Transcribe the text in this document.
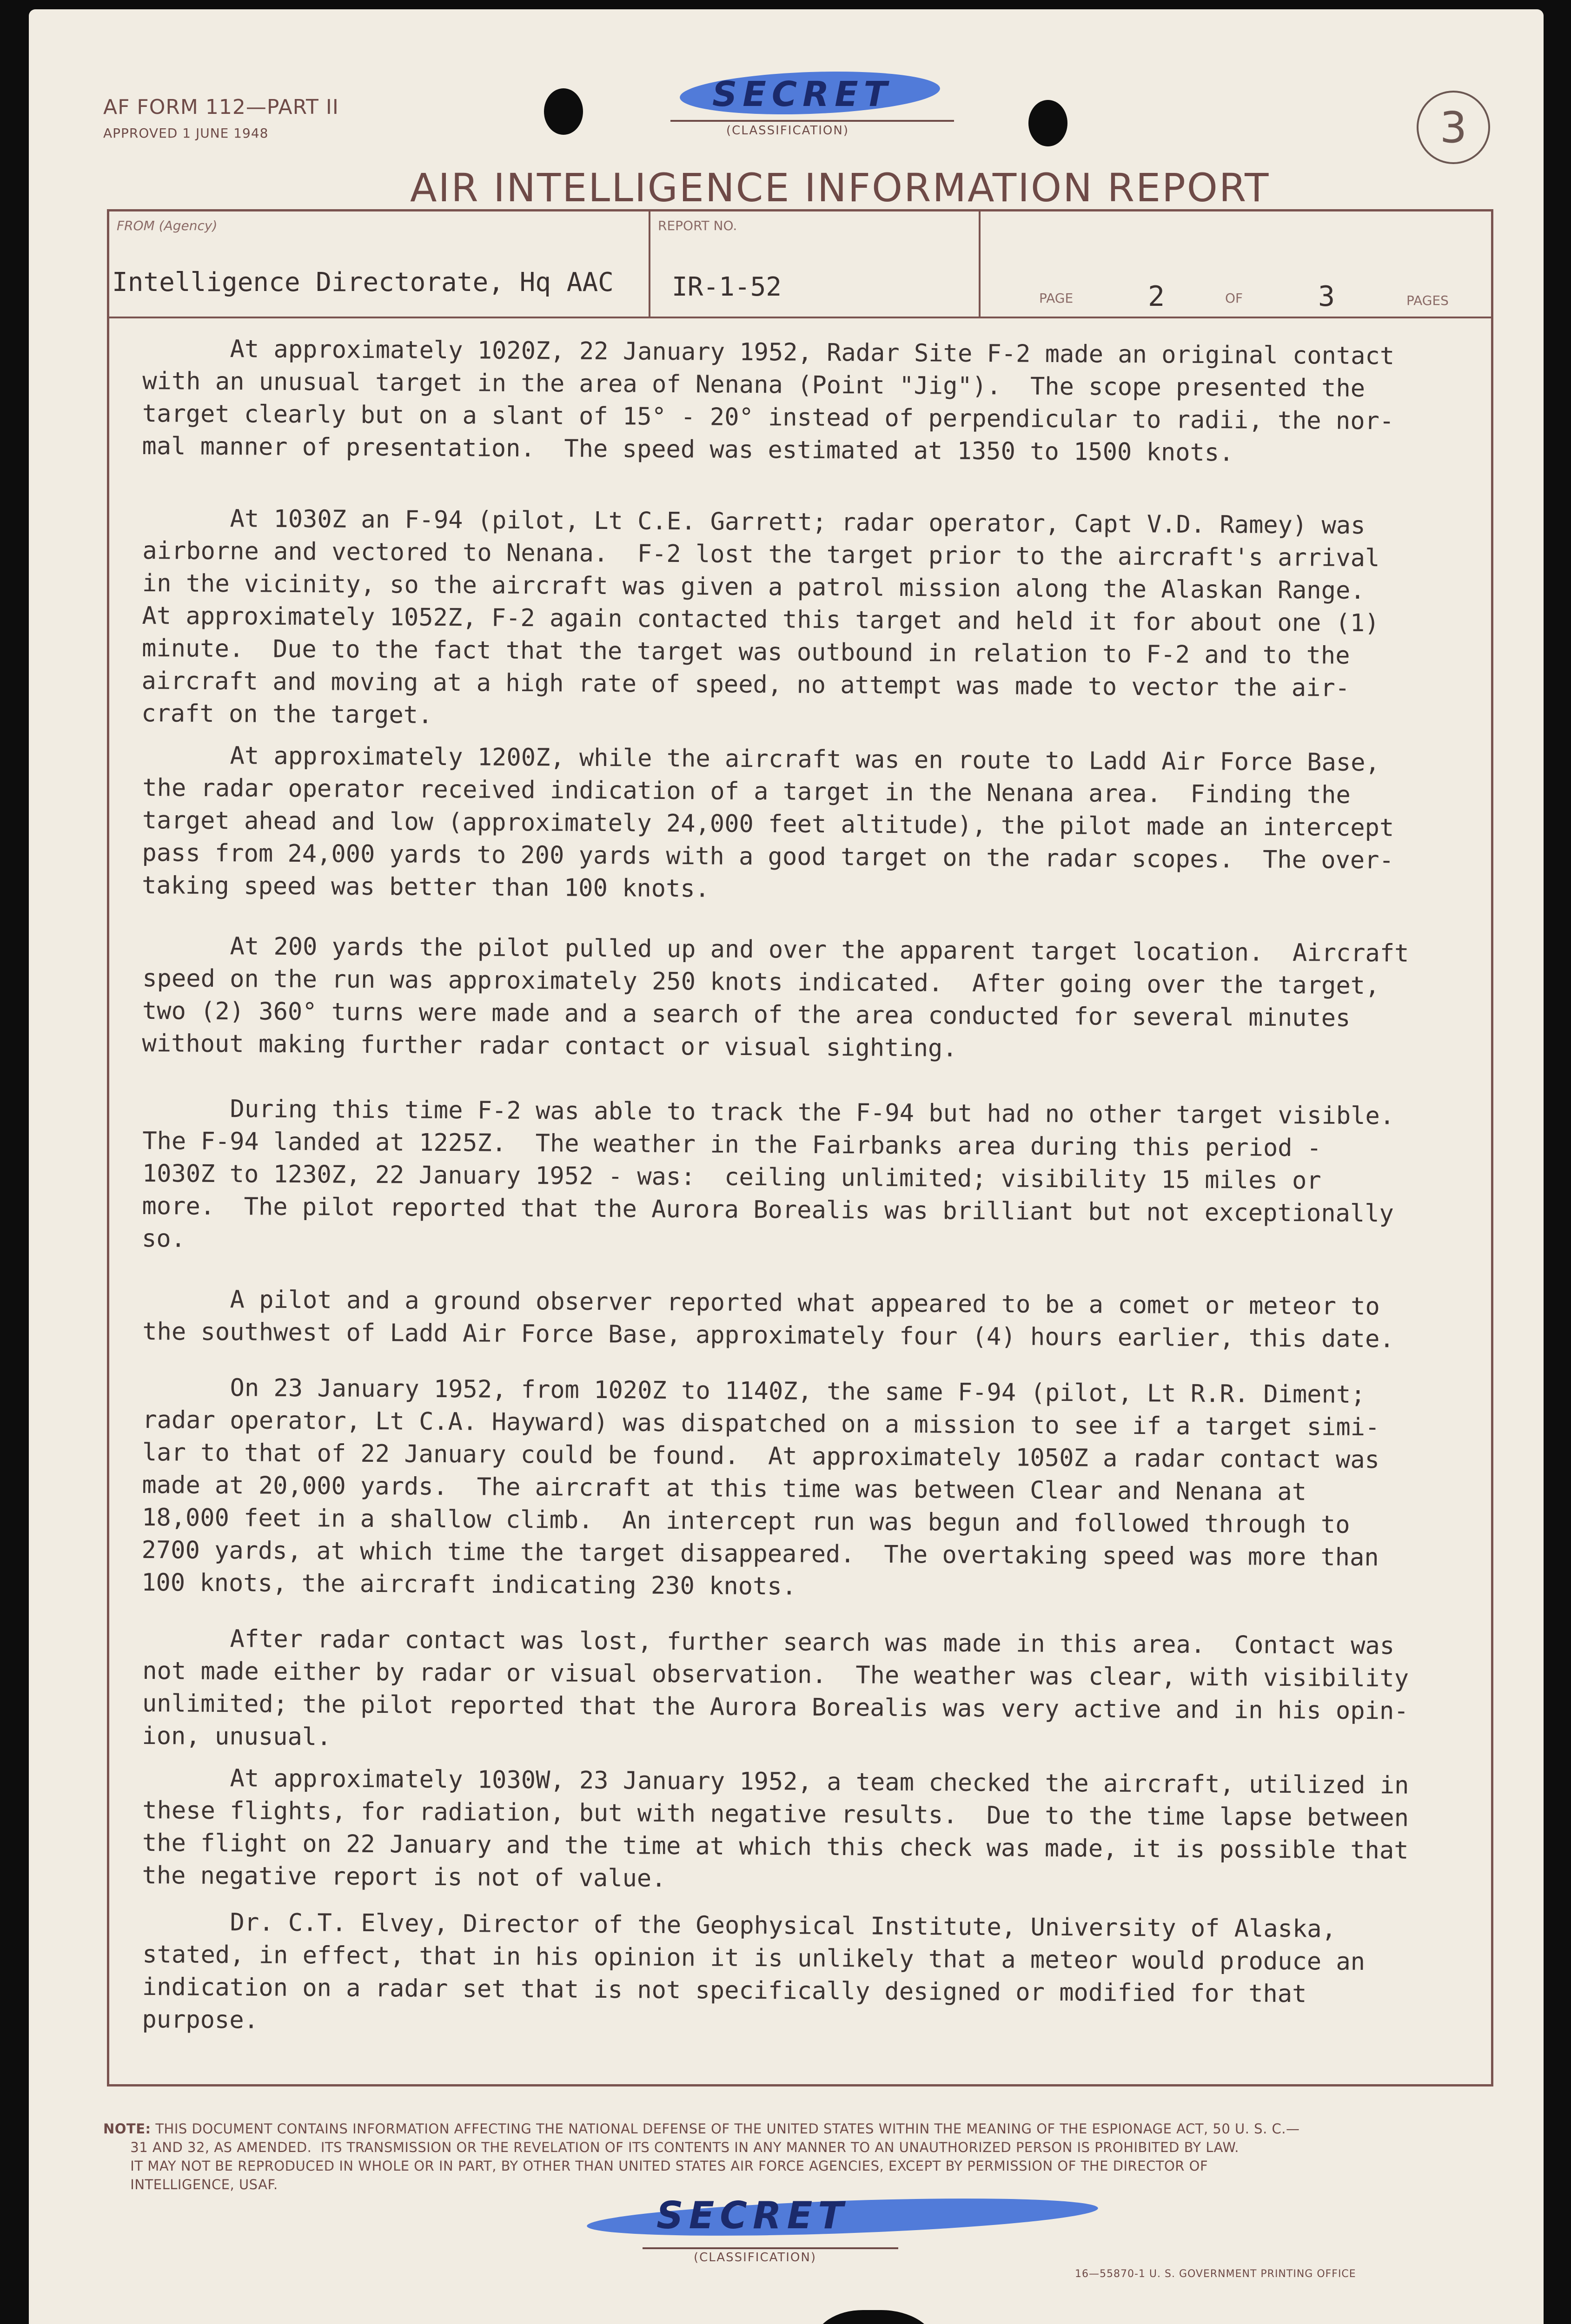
AF FORM 112—PART II
APPROVED 1 JUNE 1948
SECRET
(CLASSIFICATION)	3
AIR INTELLIGENCE INFORMATION REPORT
FROM (Agency)
Intelligence Directorate, Hq AAC
REPORT NO.
IR-1-52	PAGE	2	OF	3	PAGES
At approximately 1020Z, 22 January 1952, Radar Site F-2 made an original contact
with an unusual target in the area of Nenana (Point "Jig").  The scope presented the
target clearly but on a slant of 15° - 20° instead of perpendicular to radii, the nor-
mal manner of presentation.  The speed was estimated at 1350 to 1500 knots.
At 1030Z an F-94 (pilot, Lt C.E. Garrett; radar operator, Capt V.D. Ramey) was
airborne and vectored to Nenana.  F-2 lost the target prior to the aircraft's arrival
in the vicinity, so the aircraft was given a patrol mission along the Alaskan Range.
At approximately 1052Z, F-2 again contacted this target and held it for about one (1)
minute.  Due to the fact that the target was outbound in relation to F-2 and to the
aircraft and moving at a high rate of speed, no attempt was made to vector the air-
craft on the target.
At approximately 1200Z, while the aircraft was en route to Ladd Air Force Base,
the radar operator received indication of a target in the Nenana area.  Finding the
target ahead and low (approximately 24,000 feet altitude), the pilot made an intercept
pass from 24,000 yards to 200 yards with a good target on the radar scopes.  The over-
taking speed was better than 100 knots.
At 200 yards the pilot pulled up and over the apparent target location.  Aircraft
speed on the run was approximately 250 knots indicated.  After going over the target,
two (2) 360° turns were made and a search of the area conducted for several minutes
without making further radar contact or visual sighting.
During this time F-2 was able to track the F-94 but had no other target visible.
The F-94 landed at 1225Z.  The weather in the Fairbanks area during this period -
1030Z to 1230Z, 22 January 1952 - was:  ceiling unlimited; visibility 15 miles or
more.  The pilot reported that the Aurora Borealis was brilliant but not exceptionally
so.
A pilot and a ground observer reported what appeared to be a comet or meteor to
the southwest of Ladd Air Force Base, approximately four (4) hours earlier, this date.
On 23 January 1952, from 1020Z to 1140Z, the same F-94 (pilot, Lt R.R. Diment;
radar operator, Lt C.A. Hayward) was dispatched on a mission to see if a target simi-
lar to that of 22 January could be found.  At approximately 1050Z a radar contact was
made at 20,000 yards.  The aircraft at this time was between Clear and Nenana at
18,000 feet in a shallow climb.  An intercept run was begun and followed through to
2700 yards, at which time the target disappeared.  The overtaking speed was more than
100 knots, the aircraft indicating 230 knots.
After radar contact was lost, further search was made in this area.  Contact was
not made either by radar or visual observation.  The weather was clear, with visibility
unlimited; the pilot reported that the Aurora Borealis was very active and in his opin-
ion, unusual.
At approximately 1030W, 23 January 1952, a team checked the aircraft, utilized in
these flights, for radiation, but with negative results.  Due to the time lapse between
the flight on 22 January and the time at which this check was made, it is possible that
the negative report is not of value.
Dr. C.T. Elvey, Director of the Geophysical Institute, University of Alaska,
stated, in effect, that in his opinion it is unlikely that a meteor would produce an
indication on a radar set that is not specifically designed or modified for that
purpose.
NOTE: THIS DOCUMENT CONTAINS INFORMATION AFFECTING THE NATIONAL DEFENSE OF THE UNITED STATES WITHIN THE MEANING OF THE ESPIONAGE ACT, 50 U. S. C.—
31 AND 32, AS AMENDED.  ITS TRANSMISSION OR THE REVELATION OF ITS CONTENTS IN ANY MANNER TO AN UNAUTHORIZED PERSON IS PROHIBITED BY LAW.
IT MAY NOT BE REPRODUCED IN WHOLE OR IN PART, BY OTHER THAN UNITED STATES AIR FORCE AGENCIES, EXCEPT BY PERMISSION OF THE DIRECTOR OF
INTELLIGENCE, USAF.
SECRET
(CLASSIFICATION)
16—55870-1 U. S. GOVERNMENT PRINTING OFFICE
